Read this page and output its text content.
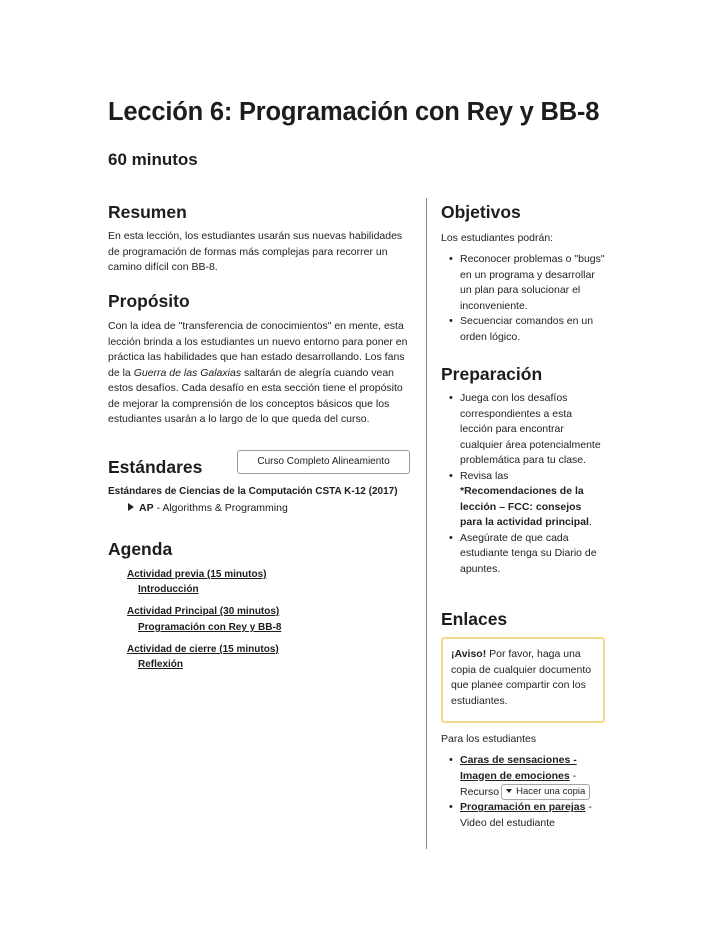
Lección 6: Programación con Rey y BB-8
60 minutos
Resumen
En esta lección, los estudiantes usarán sus nuevas habilidades de programación de formas más complejas para recorrer un camino difícil con BB-8.
Propósito
Con la idea de "transferencia de conocimientos" en mente, esta lección brinda a los estudiantes un nuevo entorno para poner en práctica las habilidades que han estado desarrollando. Los fans de la Guerra de las Galaxias saltarán de alegría cuando vean estos desafíos. Cada desafío en esta sección tiene el propósito de mejorar la comprensión de los conceptos básicos que los estudiantes usarán a lo largo de lo que queda del curso.
Estándares	Curso Completo Alineamiento
Estándares de Ciencias de la Computación CSTA K-12 (2017)
AP - Algorithms & Programming
Agenda
Actividad previa (15 minutos)
Introducción
Actividad Principal (30 minutos)
Programación con Rey y BB-8
Actividad de cierre (15 minutos)
Reflexión
Objetivos
Los estudiantes podrán:
• Reconocer problemas o "bugs" en un programa y desarrollar un plan para solucionar el inconveniente.
• Secuenciar comandos en un orden lógico.
Preparación
• Juega con los desafíos correspondientes a esta lección para encontrar cualquier área potencialmente problemática para tu clase.
• Revisa las *Recomendaciones de la lección – FCC: consejos para la actividad principal.
• Asegúrate de que cada estudiante tenga su Diario de apuntes.
Enlaces
¡Aviso! Por favor, haga una copia de cualquier documento que planee compartir con los estudiantes.
Para los estudiantes
• Caras de sensaciones - Imagen de emociones - Recurso Hacer una copia
• Programación en parejas - Video del estudiante
